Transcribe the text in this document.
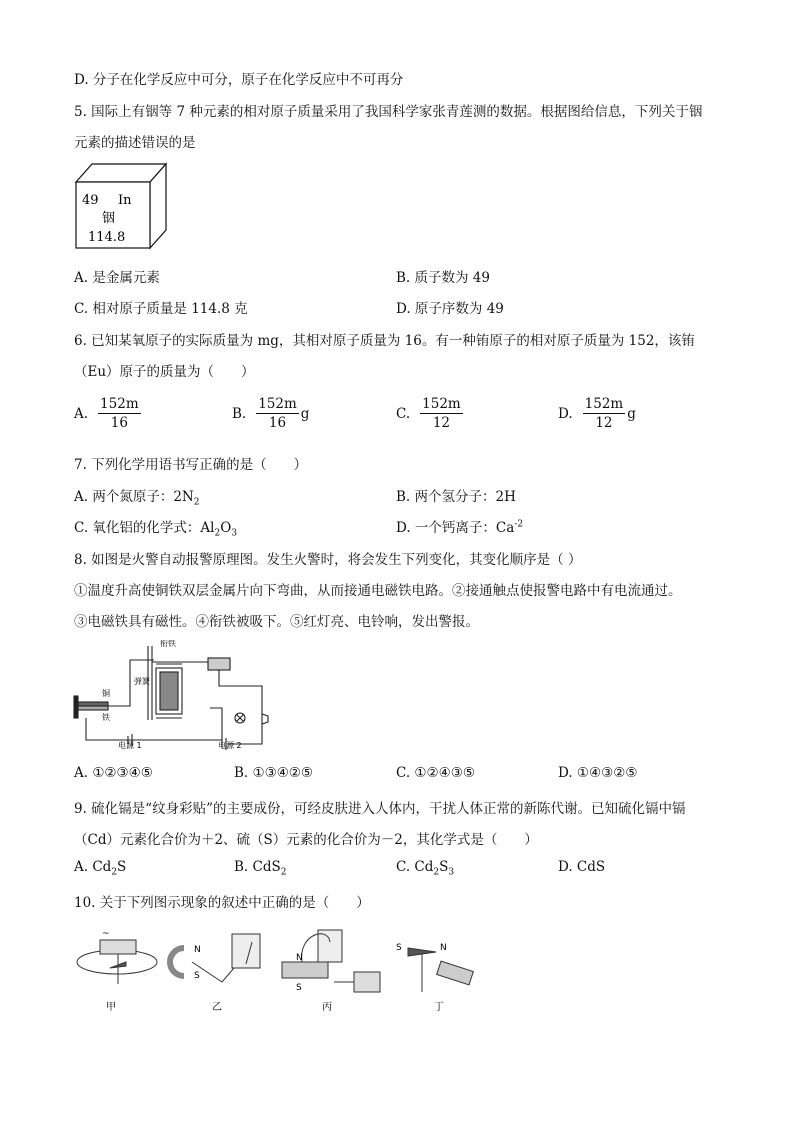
D. 分子在化学反应中可分，原子在化学反应中不可再分
5. 国际上有铟等 7 种元素的相对原子质量采用了我国科学家张青莲测的数据。根据图给信息，下列关于铟
元素的描述错误的是
49 In
铟
114.8
A. 是金属元素	B. 质子数为 49
C. 相对原子质量是 114.8 克	D. 原子序数为 49
6. 已知某氧原子的实际质量为 mg，其相对原子质量为 16。有一种铕原子的相对原子质量为 152，该铕
（Eu）原子的质量为（　　）
A. $\frac{152m}{16}$	B. $\frac{152m}{16}$ g	C. $\frac{152m}{12}$	D. $\frac{152m}{12}$ g
7. 下列化学用语书写正确的是（　　）
A. 两个氮原子：$2N_2$	B. 两个氢分子：2H
C. 氧化铝的化学式：$Al_2O_3$	D. 一个钙离子：$Ca^{-2}$
8. 如图是火警自动报警原理图。发生火警时，将会发生下列变化，其变化顺序是（ ）
①温度升高使铜铁双层金属片向下弯曲，从而接通电磁铁电路。②接通触点使报警电路中有电流通过。
③电磁铁具有磁性。④衔铁被吸下。⑤红灯亮、电铃响，发出警报。
弹簧
衔铁
铜
铁
电源 1	电源 2
A. ①②③④⑤	B. ①③④②⑤	C. ①②④③⑤	D. ①④③②⑤
9. 硫化镉是“纹身彩贴”的主要成份，可经皮肤进入人体内，干扰人体正常的新陈代谢。已知硫化镉中镉
（Cd）元素化合价为＋2、硫（S）元素的化合价为－2，其化学式是（　　）
A. $Cd_2S$	B. CdS$_2$	C. $Cd_2S_3$	D. CdS
10. 关于下列图示现象的叙述中正确的是（　　）
~
N
S
N
S
S	N
甲	乙	丙	丁
